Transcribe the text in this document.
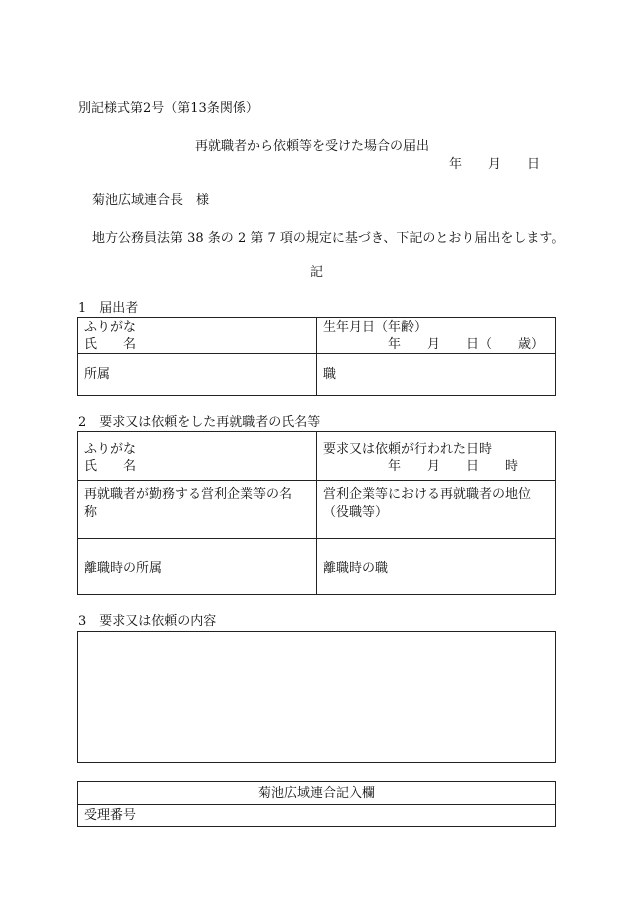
別記様式第2号（第13条関係）
再就職者から依頼等を受けた場合の届出
年　　月　　日
菊池広域連合長　様
地方公務員法第 38 条の 2 第 7 項の規定に基づき、下記のとおり届出をします。
記
1　届出者
ふりがな
氏　　名
生年月日（年齢）
年　　月　　日（　　歳）
所属	職
2　要求又は依頼をした再就職者の氏名等
ふりがな
氏　　名
要求又は依頼が行われた日時
年　　月　　日　　時
再就職者が勤務する営利企業等の名
称
営利企業等における再就職者の地位
（役職等）
離職時の所属	離職時の職
3　要求又は依頼の内容
菊池広域連合記入欄
受理番号
